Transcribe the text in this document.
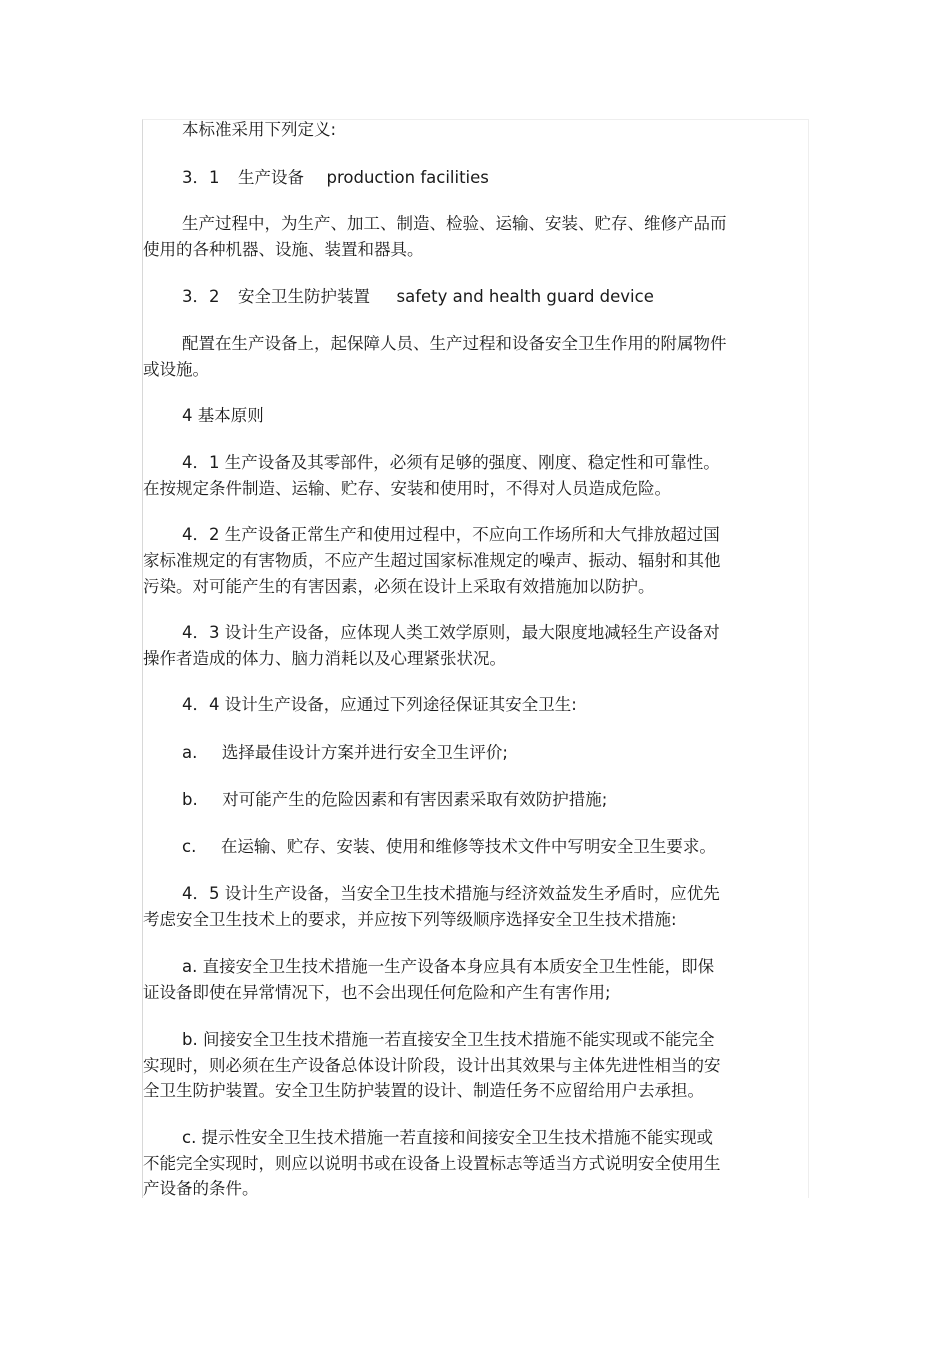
本标准采用下列定义:
3．1 生产设备 production facilities
生产过程中，为生产、加工、制造、检验、运输、安装、贮存、维修产品而
使用的各种机器、设施、装置和器具。
3．2 安全卫生防护装置 safety and health guard device
配置在生产设备上，起保障人员、生产过程和设备安全卫生作用的附属物件
或设施。
4 基本原则
4．1 生产设备及其零部件，必须有足够的强度、刚度、稳定性和可靠性。
在按规定条件制造、运输、贮存、安装和使用时，不得对人员造成危险。
4．2 生产设备正常生产和使用过程中，不应向工作场所和大气排放超过国
家标准规定的有害物质，不应产生超过国家标准规定的噪声、振动、辐射和其他
污染。对可能产生的有害因素，必须在设计上采取有效措施加以防护。
4．3 设计生产设备，应体现人类工效学原则，最大限度地减轻生产设备对
操作者造成的体力、脑力消耗以及心理紧张状况。
4．4 设计生产设备，应通过下列途径保证其安全卫生:
a. 选择最佳设计方案并进行安全卫生评价;
b. 对可能产生的危险因素和有害因素采取有效防护措施;
c. 在运输、贮存、安装、使用和维修等技术文件中写明安全卫生要求。
4．5 设计生产设备，当安全卫生技术措施与经济效益发生矛盾时，应优先
考虑安全卫生技术上的要求，并应按下列等级顺序选择安全卫生技术措施:
a. 直接安全卫生技术措施一生产设备本身应具有本质安全卫生性能，即保
证设备即使在异常情况下，也不会出现任何危险和产生有害作用;
b. 间接安全卫生技术措施一若直接安全卫生技术措施不能实现或不能完全
实现时，则必须在生产设备总体设计阶段，设计出其效果与主体先进性相当的安
全卫生防护装置。安全卫生防护装置的设计、制造任务不应留给用户去承担。
c. 提示性安全卫生技术措施一若直接和间接安全卫生技术措施不能实现或
不能完全实现时，则应以说明书或在设备上设置标志等适当方式说明安全使用生
产设备的条件。
